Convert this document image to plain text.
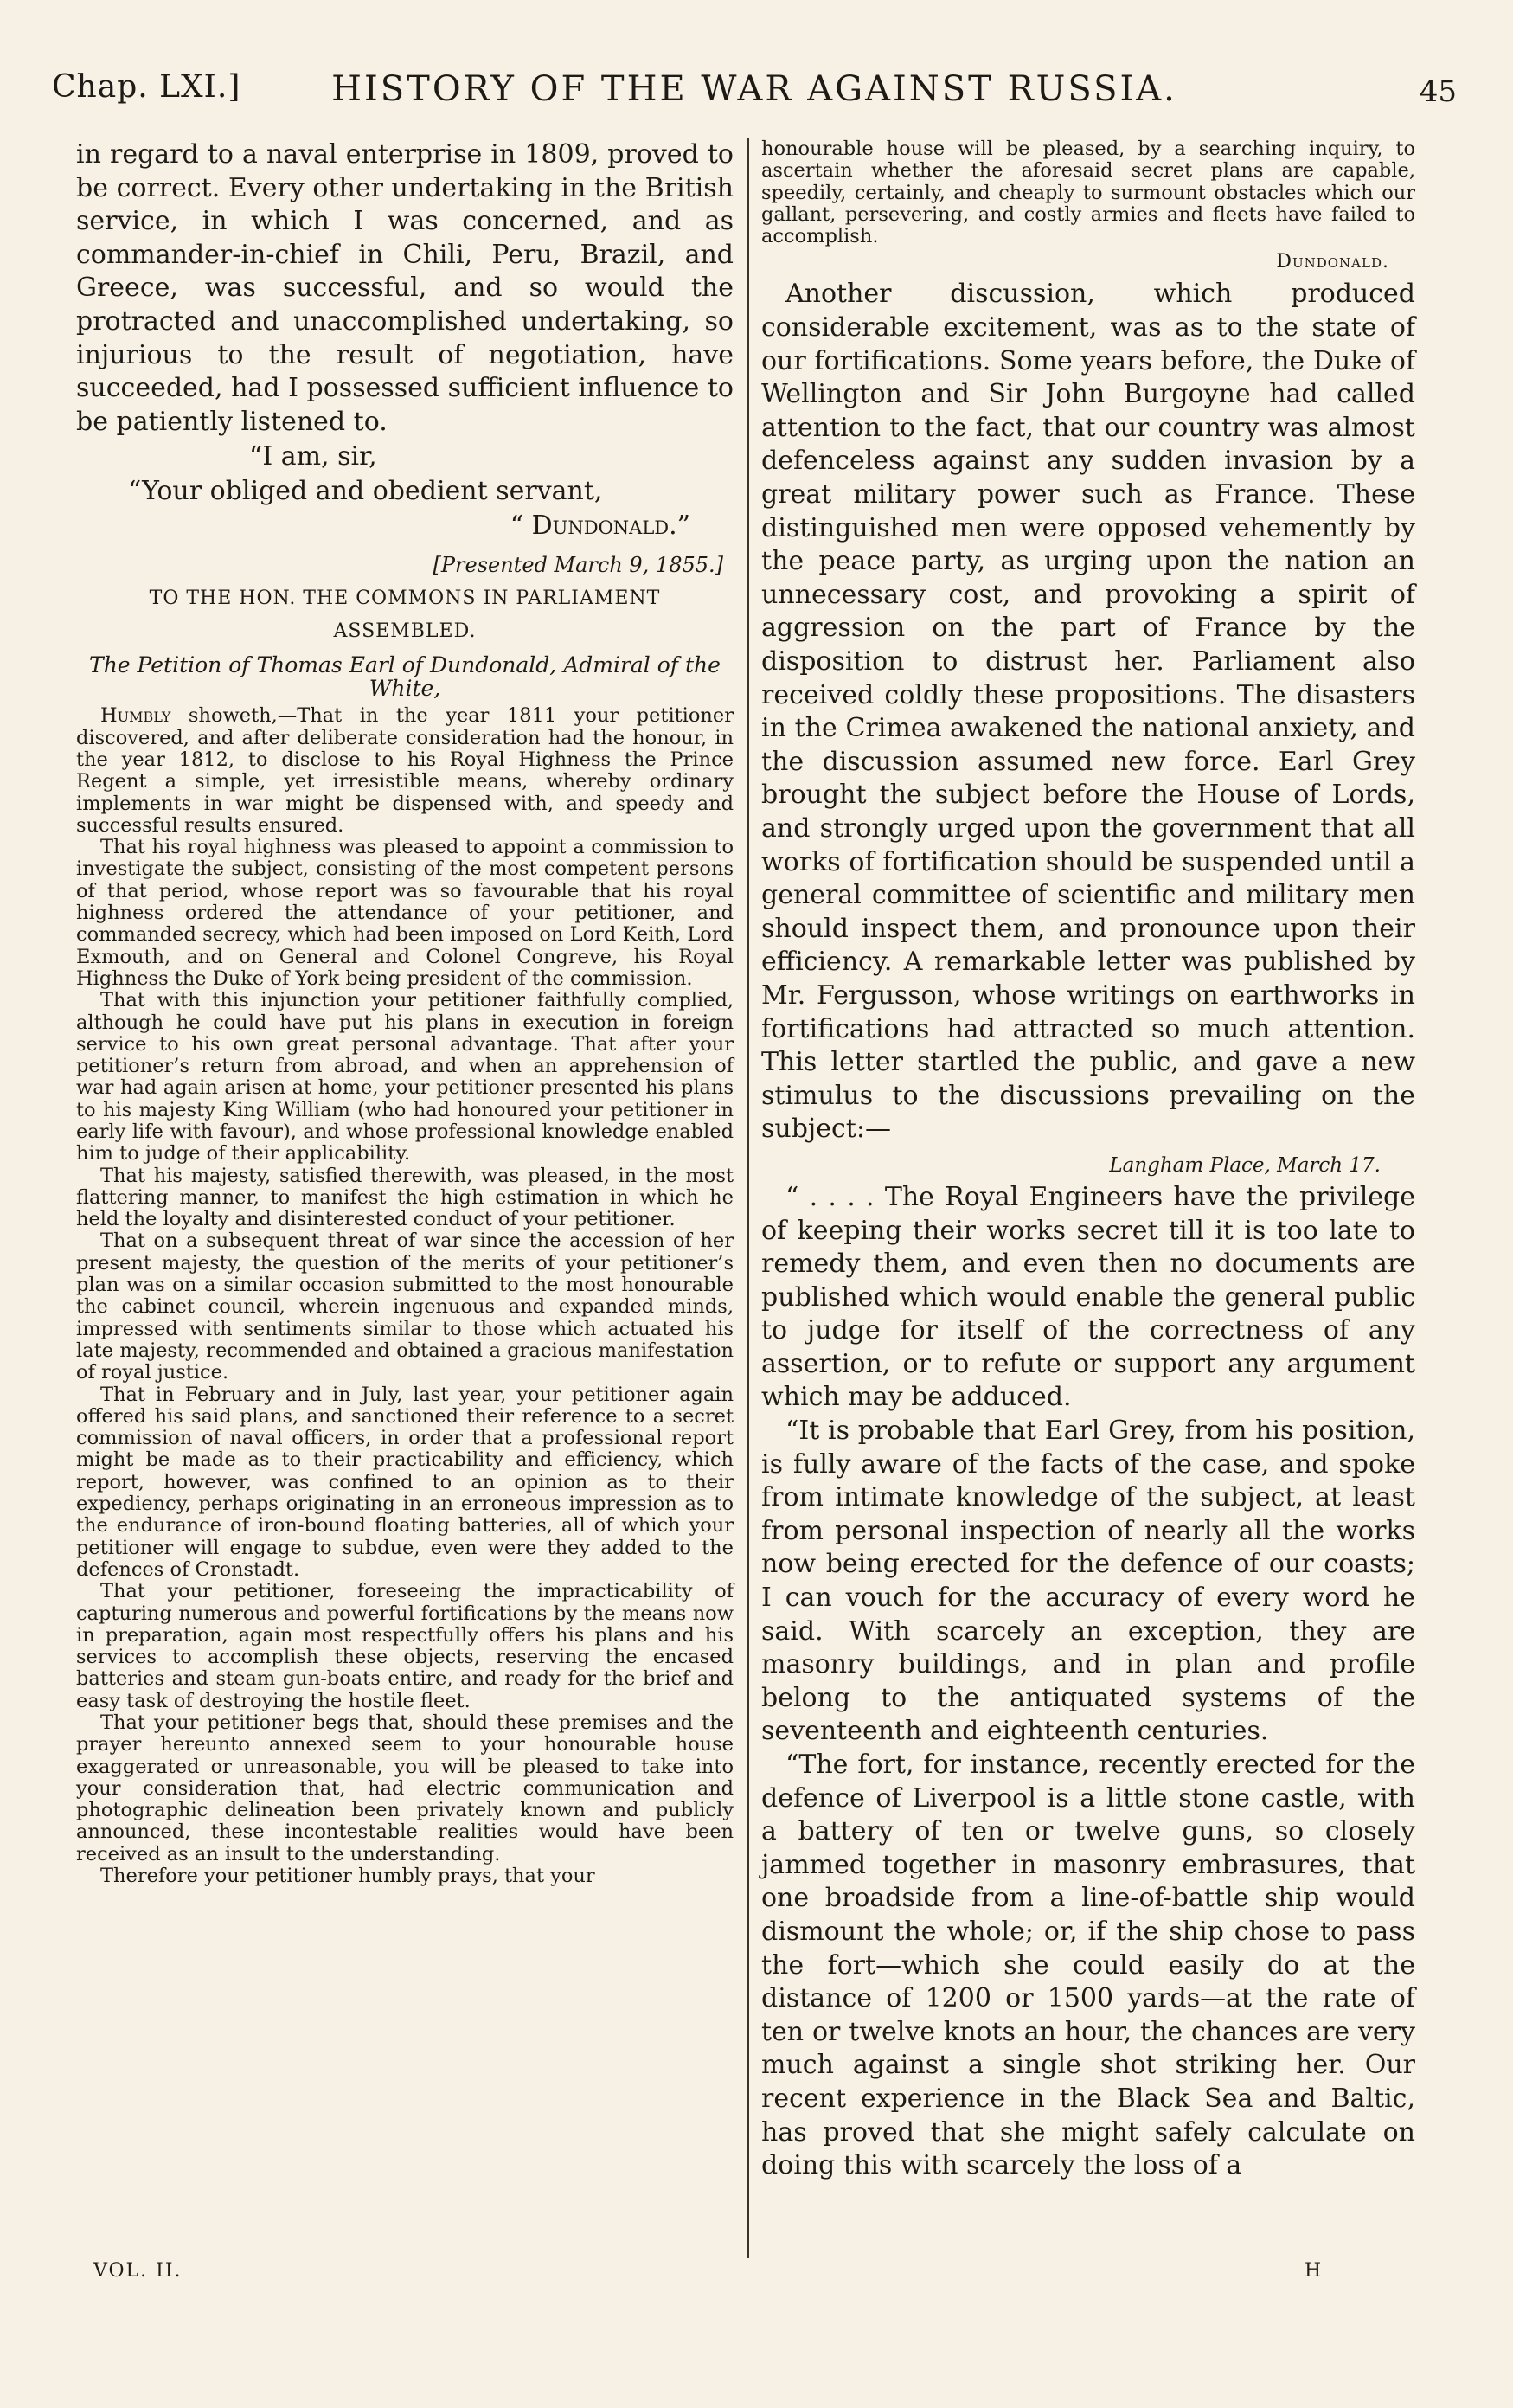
Chap. LXI.]	HISTORY OF THE WAR AGAINST RUSSIA.	45

in regard to a naval enterprise in 1809, proved to be correct. Every other undertaking in the British service, in which I was concerned, and as commander-in-chief in Chili, Peru, Brazil, and Greece, was successful, and so would the protracted and unaccomplished undertaking, so injurious to the result of negotiation, have succeeded, had I possessed sufficient influence to be patiently listened to.

“I am, sir,

“Your obliged and obedient servant,

“ Dundonald.”

[Presented March 9, 1855.]

TO THE HON. THE COMMONS IN PARLIAMENT

ASSEMBLED.

The Petition of Thomas Earl of Dundonald, Admiral of the White,

Humbly showeth,—That in the year 1811 your petitioner discovered, and after deliberate consideration had the honour, in the year 1812, to disclose to his Royal Highness the Prince Regent a simple, yet irresistible means, whereby ordinary implements in war might be dispensed with, and speedy and successful results ensured.

That his royal highness was pleased to appoint a commission to investigate the subject, consisting of the most competent persons of that period, whose report was so favourable that his royal highness ordered the attendance of your petitioner, and commanded secrecy, which had been imposed on Lord Keith, Lord Exmouth, and on General and Colonel Congreve, his Royal Highness the Duke of York being president of the commission.

That with this injunction your petitioner faithfully complied, although he could have put his plans in execution in foreign service to his own great personal advantage. That after your petitioner’s return from abroad, and when an apprehension of war had again arisen at home, your petitioner presented his plans to his majesty King William (who had honoured your petitioner in early life with favour), and whose professional knowledge enabled him to judge of their applicability.

That his majesty, satisfied therewith, was pleased, in the most flattering manner, to manifest the high estimation in which he held the loyalty and disinterested conduct of your petitioner.

That on a subsequent threat of war since the accession of her present majesty, the question of the merits of your petitioner’s plan was on a similar occasion submitted to the most honourable the cabinet council, wherein ingenuous and expanded minds, impressed with sentiments similar to those which actuated his late majesty, recommended and obtained a gracious manifestation of royal justice.

That in February and in July, last year, your petitioner again offered his said plans, and sanctioned their reference to a secret commission of naval officers, in order that a professional report might be made as to their practicability and efficiency, which report, however, was confined to an opinion as to their expediency, perhaps originating in an erroneous impression as to the endurance of iron-bound floating batteries, all of which your petitioner will engage to subdue, even were they added to the defences of Cronstadt.

That your petitioner, foreseeing the impracticability of capturing numerous and powerful fortifications by the means now in preparation, again most respectfully offers his plans and his services to accomplish these objects, reserving the encased batteries and steam gun-boats entire, and ready for the brief and easy task of destroying the hostile fleet.

That your petitioner begs that, should these premises and the prayer hereunto annexed seem to your honourable house exaggerated or unreasonable, you will be pleased to take into your consideration that, had electric communication and photographic delineation been privately known and publicly announced, these incontestable realities would have been received as an insult to the understanding.

Therefore your petitioner humbly prays, that your

honourable house will be pleased, by a searching inquiry, to ascertain whether the aforesaid secret plans are capable, speedily, certainly, and cheaply to surmount obstacles which our gallant, persevering, and costly armies and fleets have failed to accomplish.

Dundonald.

Another discussion, which produced considerable excitement, was as to the state of our fortifications. Some years before, the Duke of Wellington and Sir John Burgoyne had called attention to the fact, that our country was almost defenceless against any sudden invasion by a great military power such as France. These distinguished men were opposed vehemently by the peace party, as urging upon the nation an unnecessary cost, and provoking a spirit of aggression on the part of France by the disposition to distrust her. Parliament also received coldly these propositions. The disasters in the Crimea awakened the national anxiety, and the discussion assumed new force. Earl Grey brought the subject before the House of Lords, and strongly urged upon the government that all works of fortification should be suspended until a general committee of scientific and military men should inspect them, and pronounce upon their efficiency. A remarkable letter was published by Mr. Fergusson, whose writings on earthworks in fortifications had attracted so much attention. This letter startled the public, and gave a new stimulus to the discussions prevailing on the subject:—

Langham Place, March 17.

“ . . . . The Royal Engineers have the privilege of keeping their works secret till it is too late to remedy them, and even then no documents are published which would enable the general public to judge for itself of the correctness of any assertion, or to refute or support any argument which may be adduced.

“It is probable that Earl Grey, from his position, is fully aware of the facts of the case, and spoke from intimate knowledge of the subject, at least from personal inspection of nearly all the works now being erected for the defence of our coasts; I can vouch for the accuracy of every word he said. With scarcely an exception, they are masonry buildings, and in plan and profile belong to the antiquated systems of the seventeenth and eighteenth centuries.

“The fort, for instance, recently erected for the defence of Liverpool is a little stone castle, with a battery of ten or twelve guns, so closely jammed together in masonry embrasures, that one broadside from a line-of-battle ship would dismount the whole; or, if the ship chose to pass the fort—which she could easily do at the distance of 1200 or 1500 yards—at the rate of ten or twelve knots an hour, the chances are very much against a single shot striking her. Our recent experience in the Black Sea and Baltic, has proved that she might safely calculate on doing this with scarcely the loss of a

VOL. II.	H
